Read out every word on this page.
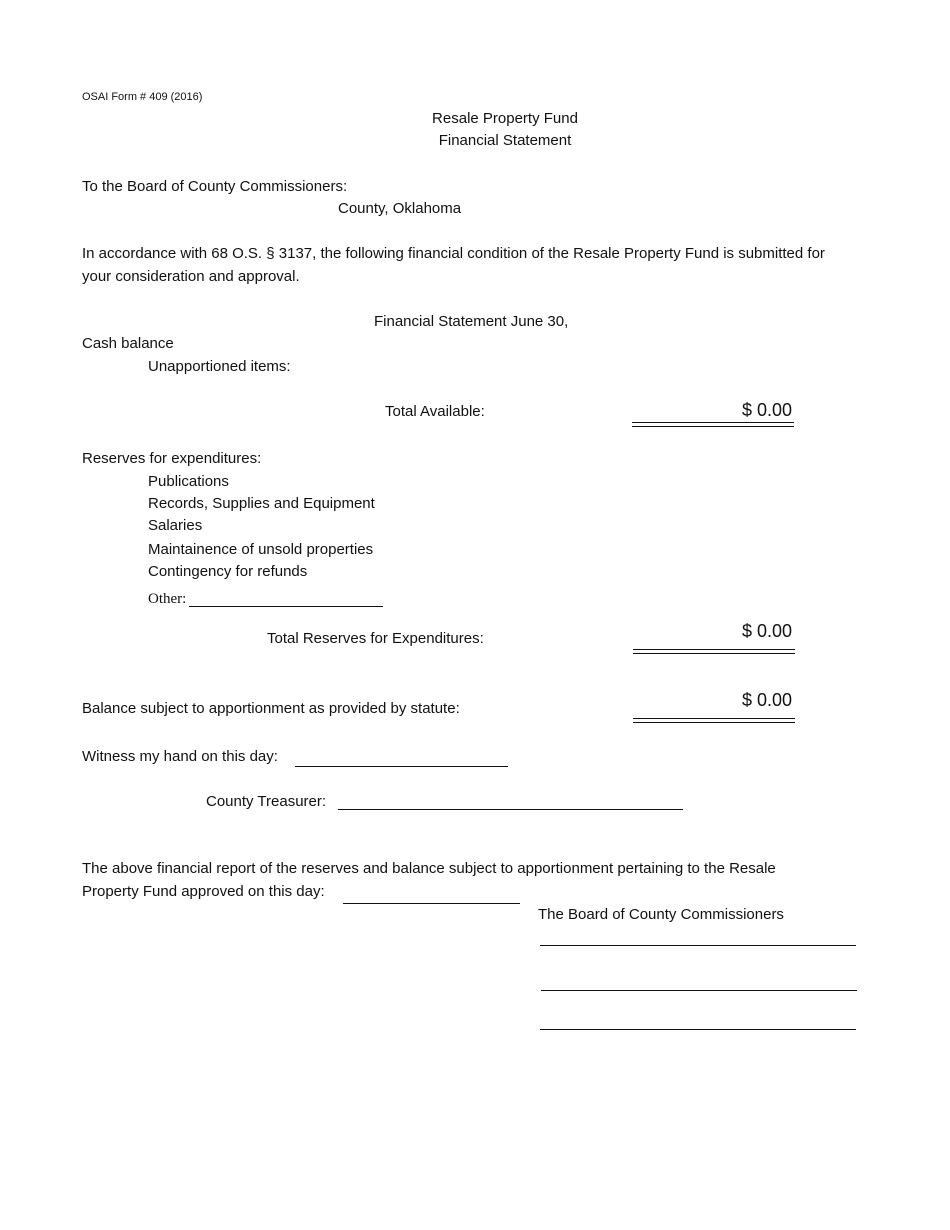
OSAI Form # 409 (2016)
Resale Property Fund
Financial Statement
To the Board of County Commissioners:
County, Oklahoma
In accordance with 68 O.S. § 3137, the following financial condition of the Resale Property Fund is submitted for
your consideration and approval.
Financial Statement June 30,
Cash balance
Unapportioned items:
Total Available:	$ 0.00
Reserves for expenditures:
Publications
Records, Supplies and Equipment
Salaries
Maintainence of unsold properties
Contingency for refunds
Other:
Total Reserves for Expenditures:	$ 0.00
Balance subject to apportionment as provided by statute:	$ 0.00
Witness my hand on this day:
County Treasurer:
The above financial report of the reserves and balance subject to apportionment pertaining to the Resale
Property Fund approved on this day:
The Board of County Commissioners
